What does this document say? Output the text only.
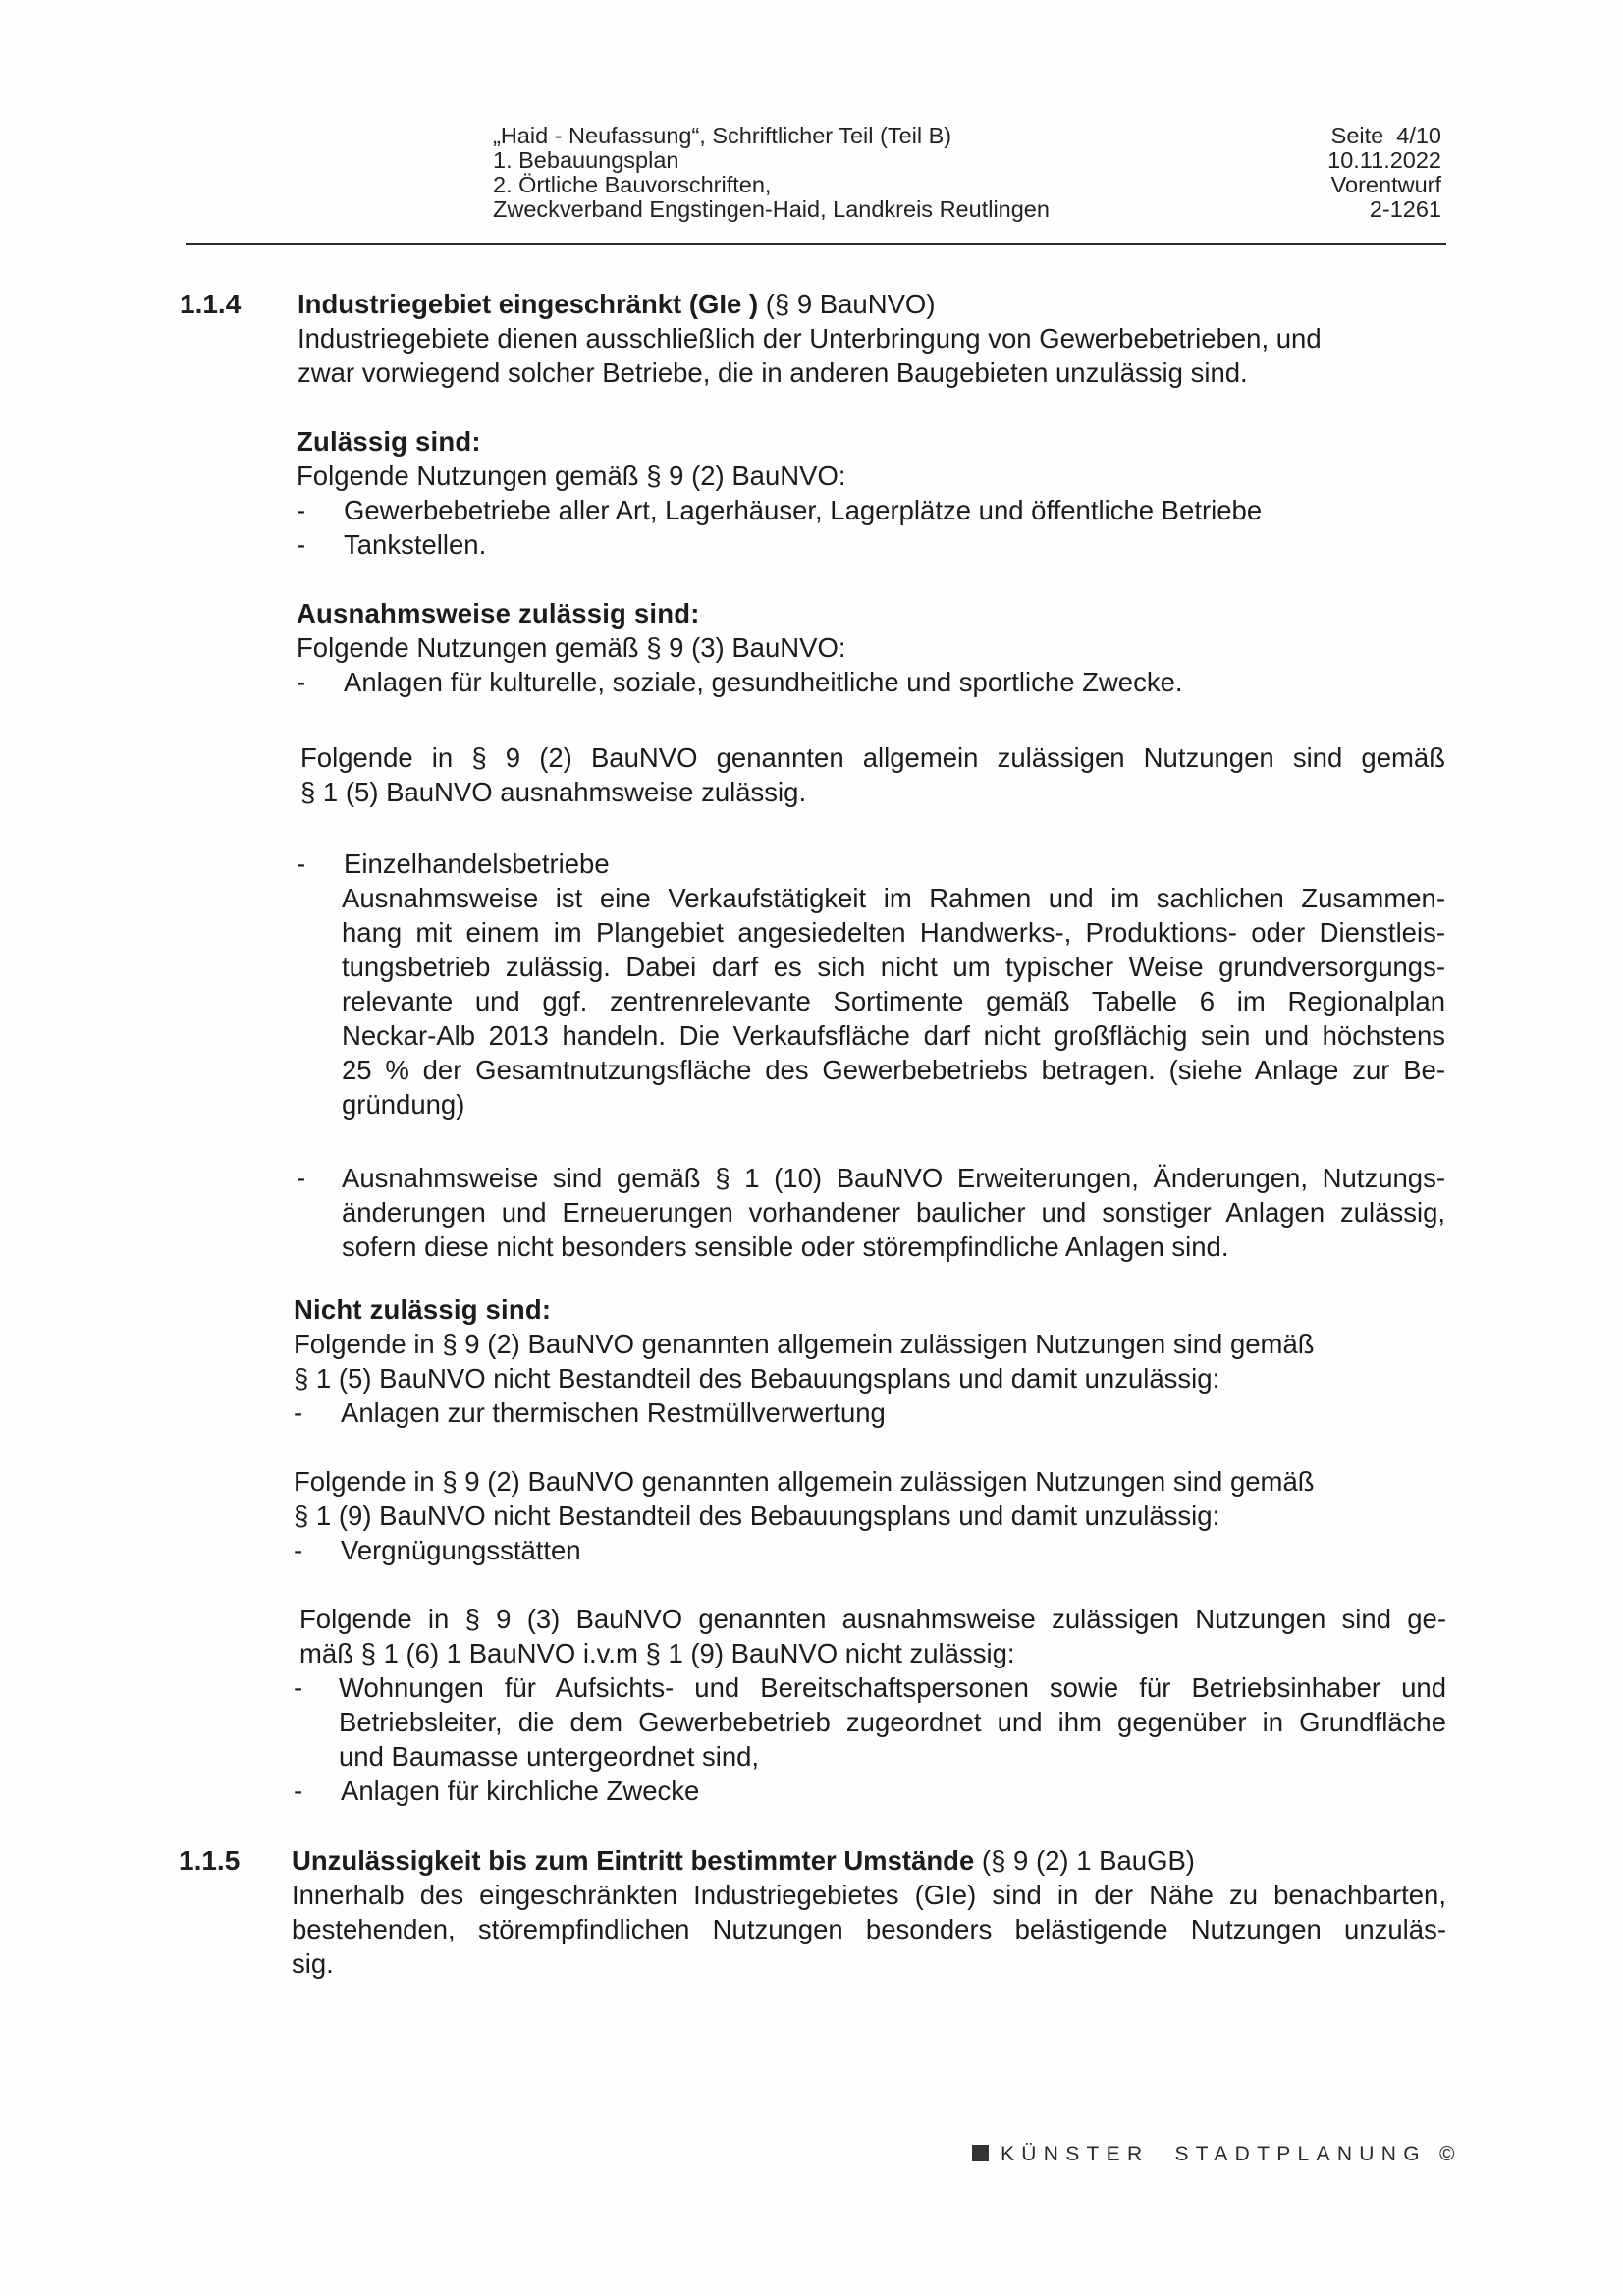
„Haid - Neufassung“, Schriftlicher Teil (Teil B)
1. Bebauungsplan
2. Örtliche Bauvorschriften,
Zweckverband Engstingen-Haid, Landkreis Reutlingen
Seite  4/10
10.11.2022
Vorentwurf
2-1261
1.1.4 Industriegebiet eingeschränkt (GIe ) (§ 9 BauNVO)
Industriegebiete dienen ausschließlich der Unterbringung von Gewerbebetrieben, und
zwar vorwiegend solcher Betriebe, die in anderen Baugebieten unzulässig sind.
Zulässig sind:
Folgende Nutzungen gemäß § 9 (2) BauNVO:
- Gewerbebetriebe aller Art, Lagerhäuser, Lagerplätze und öffentliche Betriebe
- Tankstellen.
Ausnahmsweise zulässig sind:
Folgende Nutzungen gemäß § 9 (3) BauNVO:
- Anlagen für kulturelle, soziale, gesundheitliche und sportliche Zwecke.
Folgende in § 9 (2) BauNVO genannten allgemein zulässigen Nutzungen sind gemäß
§ 1 (5) BauNVO ausnahmsweise zulässig.
- Einzelhandelsbetriebe
Ausnahmsweise ist eine Verkaufstätigkeit im Rahmen und im sachlichen Zusammen-
hang mit einem im Plangebiet angesiedelten Handwerks-, Produktions- oder Dienstleis-
tungsbetrieb zulässig. Dabei darf es sich nicht um typischer Weise grundversorgungs-
relevante und ggf. zentrenrelevante Sortimente gemäß Tabelle 6 im Regionalplan
Neckar-Alb 2013 handeln. Die Verkaufsfläche darf nicht großflächig sein und höchstens
25 % der Gesamtnutzungsfläche des Gewerbebetriebs betragen. (siehe Anlage zur Be-
gründung)
- Ausnahmsweise sind gemäß § 1 (10) BauNVO Erweiterungen, Änderungen, Nutzungs-
änderungen und Erneuerungen vorhandener baulicher und sonstiger Anlagen zulässig,
sofern diese nicht besonders sensible oder störempfindliche Anlagen sind.
Nicht zulässig sind:
Folgende in § 9 (2) BauNVO genannten allgemein zulässigen Nutzungen sind gemäß
§ 1 (5) BauNVO nicht Bestandteil des Bebauungsplans und damit unzulässig:
- Anlagen zur thermischen Restmüllverwertung
Folgende in § 9 (2) BauNVO genannten allgemein zulässigen Nutzungen sind gemäß
§ 1 (9) BauNVO nicht Bestandteil des Bebauungsplans und damit unzulässig:
- Vergnügungsstätten
Folgende in § 9 (3) BauNVO genannten ausnahmsweise zulässigen Nutzungen sind ge-
mäß § 1 (6) 1 BauNVO i.v.m § 1 (9) BauNVO nicht zulässig:
- Wohnungen für Aufsichts- und Bereitschaftspersonen sowie für Betriebsinhaber und
Betriebsleiter, die dem Gewerbebetrieb zugeordnet und ihm gegenüber in Grundfläche
und Baumasse untergeordnet sind,
- Anlagen für kirchliche Zwecke
1.1.5 Unzulässigkeit bis zum Eintritt bestimmter Umstände (§ 9 (2) 1 BauGB)
Innerhalb des eingeschränkten Industriegebietes (GIe) sind in der Nähe zu benachbarten,
bestehenden, störempfindlichen Nutzungen besonders belästigende Nutzungen unzuläs-
sig.
KÜNSTER STADTPLANUNG ©
